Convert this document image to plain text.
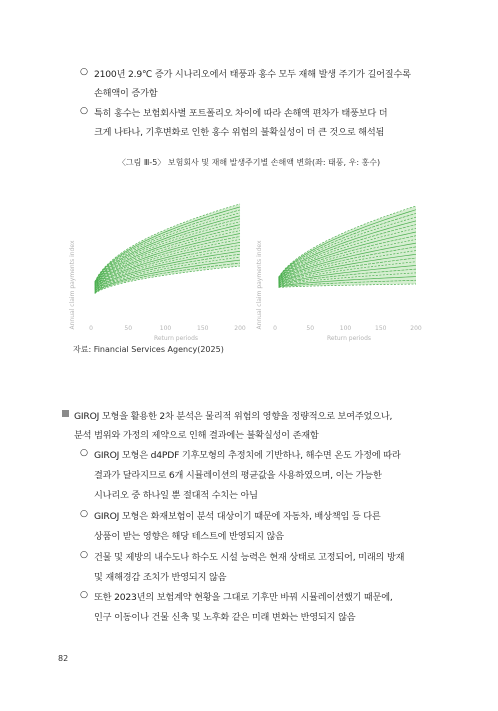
○ 2100년 2.9℃ 증가 시나리오에서 태풍과 홍수 모두 재해 발생 주기가 길어질수록
손해액이 증가함
○ 특히 홍수는 보험회사별 포트폴리오 차이에 따라 손해액 편차가 태풍보다 더
크게 나타나, 기후변화로 인한 홍수 위험의 불확실성이 더 큰 것으로 해석됨
〈그림 Ⅲ-5〉 보험회사 및 재해 발생주기별 손해액 변화(좌: 태풍, 우: 홍수)
Annual claim payments index 0	50	100	150	200
Return periods
Annual claim payments index 0	50	100	150	200
Return periods
자료: Financial Services Agency(2025)
GIROJ 모형을 활용한 2차 분석은 물리적 위험의 영향을 정량적으로 보여주었으나,
분석 범위와 가정의 제약으로 인해 결과에는 불확실성이 존재함
○ GIROJ 모형은 d4PDF 기후모형의 추정치에 기반하나, 해수면 온도 가정에 따라
결과가 달라지므로 6개 시뮬레이션의 평균값을 사용하였으며, 이는 가능한
시나리오 중 하나일 뿐 절대적 수치는 아님
○ GIROJ 모형은 화재보험이 분석 대상이기 때문에 자동차, 배상책임 등 다른
상품이 받는 영향은 해당 테스트에 반영되지 않음
○ 건물 및 제방의 내수도나 하수도 시설 능력은 현재 상태로 고정되어, 미래의 방재
및 재해경감 조치가 반영되지 않음
○ 또한 2023년의 보험계약 현황을 그대로 기후만 바꿔 시뮬레이션했기 때문에,
인구 이동이나 건물 신축 및 노후화 같은 미래 변화는 반영되지 않음
82
